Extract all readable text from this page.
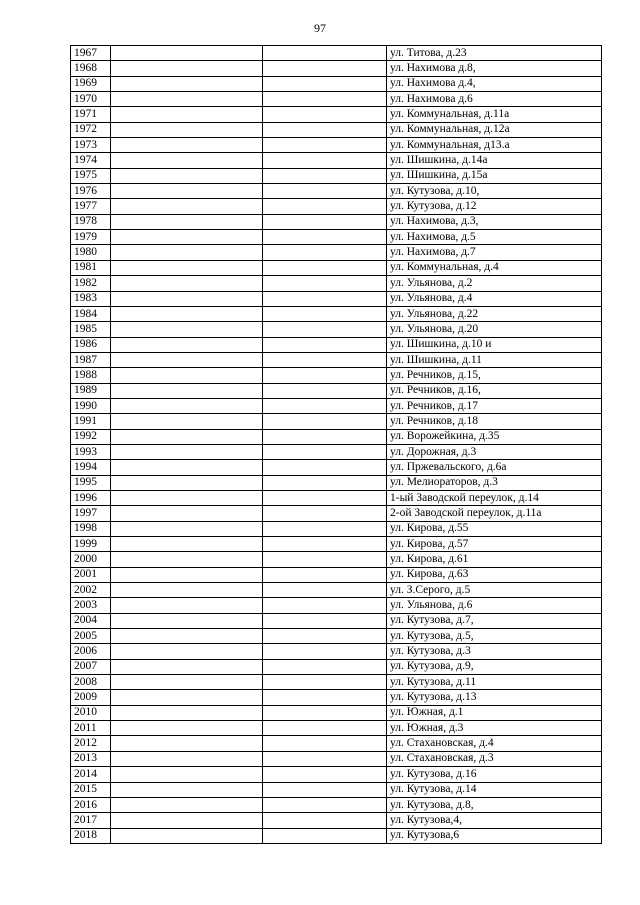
97
1967			ул. Титова, д.23
1968			ул. Нахимова д.8,
1969			ул. Нахимова д.4,
1970			ул. Нахимова д.6
1971			ул. Коммунальная, д.11а
1972			ул. Коммунальная, д.12а
1973			ул. Коммунальная, д13.а
1974			ул. Шишкина, д.14а
1975			ул. Шишкина, д.15а
1976			ул. Кутузова, д.10,
1977			ул. Кутузова, д.12
1978			ул. Нахимова, д.3,
1979			ул. Нахимова, д.5
1980			ул. Нахимова, д.7
1981			ул. Коммунальная, д.4
1982			ул. Ульянова, д.2
1983			ул. Ульянова, д.4
1984			ул. Ульянова, д.22
1985			ул. Ульянова, д.20
1986			ул. Шишкина, д.10 и
1987			ул. Шишкина, д.11
1988			ул. Речников, д.15,
1989			ул. Речников, д.16,
1990			ул. Речников, д.17
1991			ул. Речников, д.18
1992			ул. Ворожейкина, д.35
1993			ул. Дорожная, д.3
1994			ул. Пржевальского, д.6а
1995			ул. Мелиораторов, д.3
1996			1-ый Заводской переулок, д.14
1997			2-ой Заводской переулок, д.11а
1998			ул. Кирова, д.55
1999			ул. Кирова, д.57
2000			ул. Кирова, д.61
2001			ул. Кирова, д.63
2002			ул. З.Серого, д.5
2003			ул. Ульянова, д.6
2004			ул. Кутузова, д.7,
2005			ул. Кутузова, д.5,
2006			ул. Кутузова, д.3
2007			ул. Кутузова, д.9,
2008			ул. Кутузова, д.11
2009			ул. Кутузова, д.13
2010			ул. Южная, д.1
2011			ул. Южная, д.3
2012			ул. Стахановская, д.4
2013			ул. Стахановская, д.3
2014			ул. Кутузова, д.16
2015			ул. Кутузова, д.14
2016			ул. Кутузова, д.8,
2017			ул. Кутузова,4,
2018			ул. Кутузова,6
